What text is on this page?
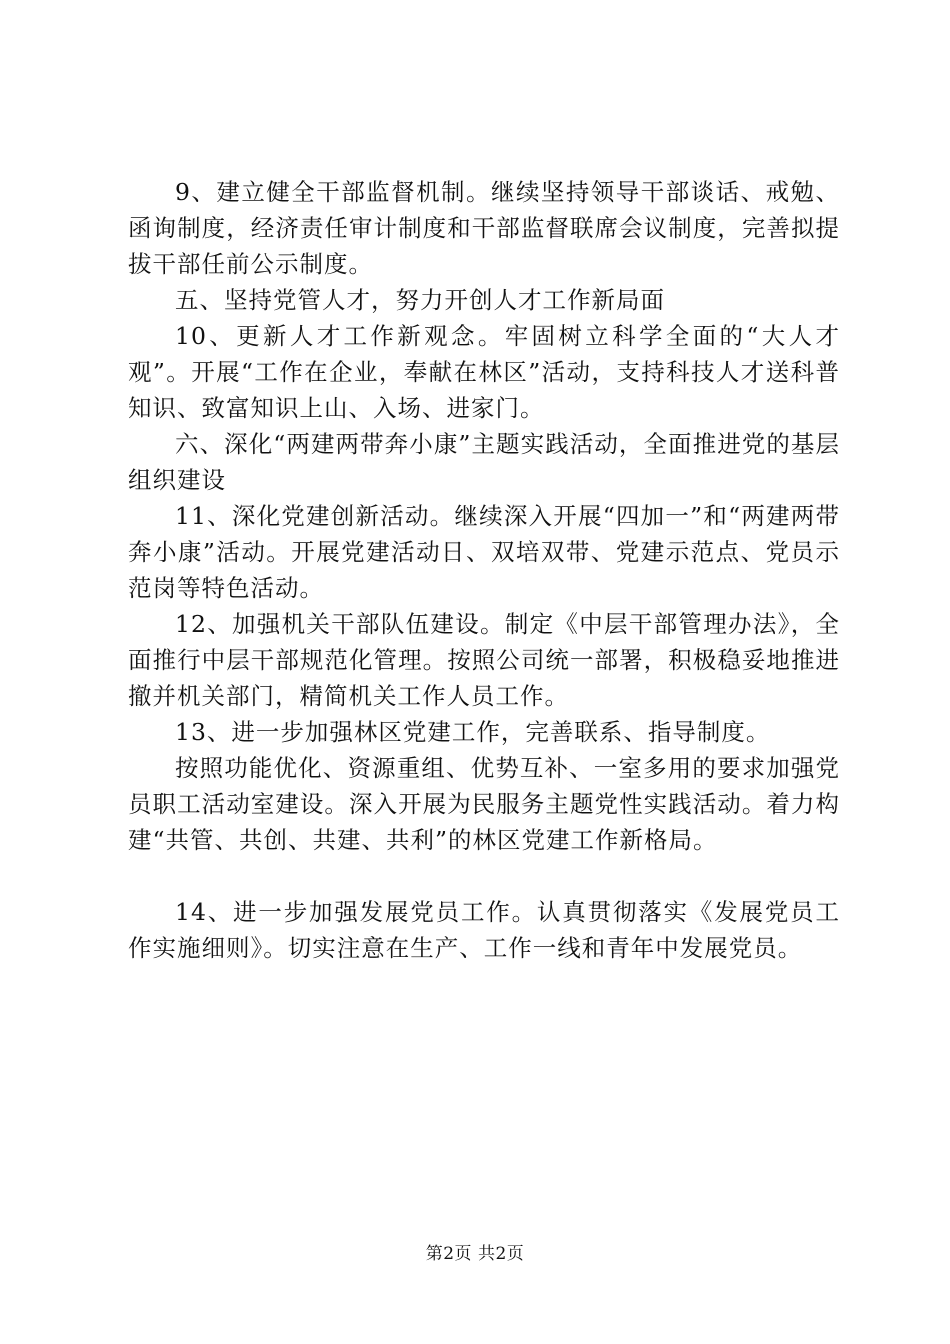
9、建立健全干部监督机制。继续坚持领导干部谈话、戒勉、函询制度，经济责任审计制度和干部监督联席会议制度，完善拟提拔干部任前公示制度。

五、坚持党管人才，努力开创人才工作新局面

10、更新人才工作新观念。牢固树立科学全面的“大人才观”。开展“工作在企业，奉献在林区”活动，支持科技人才送科普知识、致富知识上山、入场、进家门。

六、深化“两建两带奔小康”主题实践活动，全面推进党的基层组织建设

11、深化党建创新活动。继续深入开展“四加一”和“两建两带奔小康”活动。开展党建活动日、双培双带、党建示范点、党员示范岗等特色活动。

12、加强机关干部队伍建设。制定《中层干部管理办法》，全面推行中层干部规范化管理。按照公司统一部署，积极稳妥地推进撤并机关部门，精简机关工作人员工作。

13、进一步加强林区党建工作，完善联系、指导制度。

按照功能优化、资源重组、优势互补、一室多用的要求加强党员职工活动室建设。深入开展为民服务主题党性实践活动。着力构建“共管、共创、共建、共利”的林区党建工作新格局。

14、进一步加强发展党员工作。认真贯彻落实《发展党员工作实施细则》。切实注意在生产、工作一线和青年中发展党员。

第2页 共2页
